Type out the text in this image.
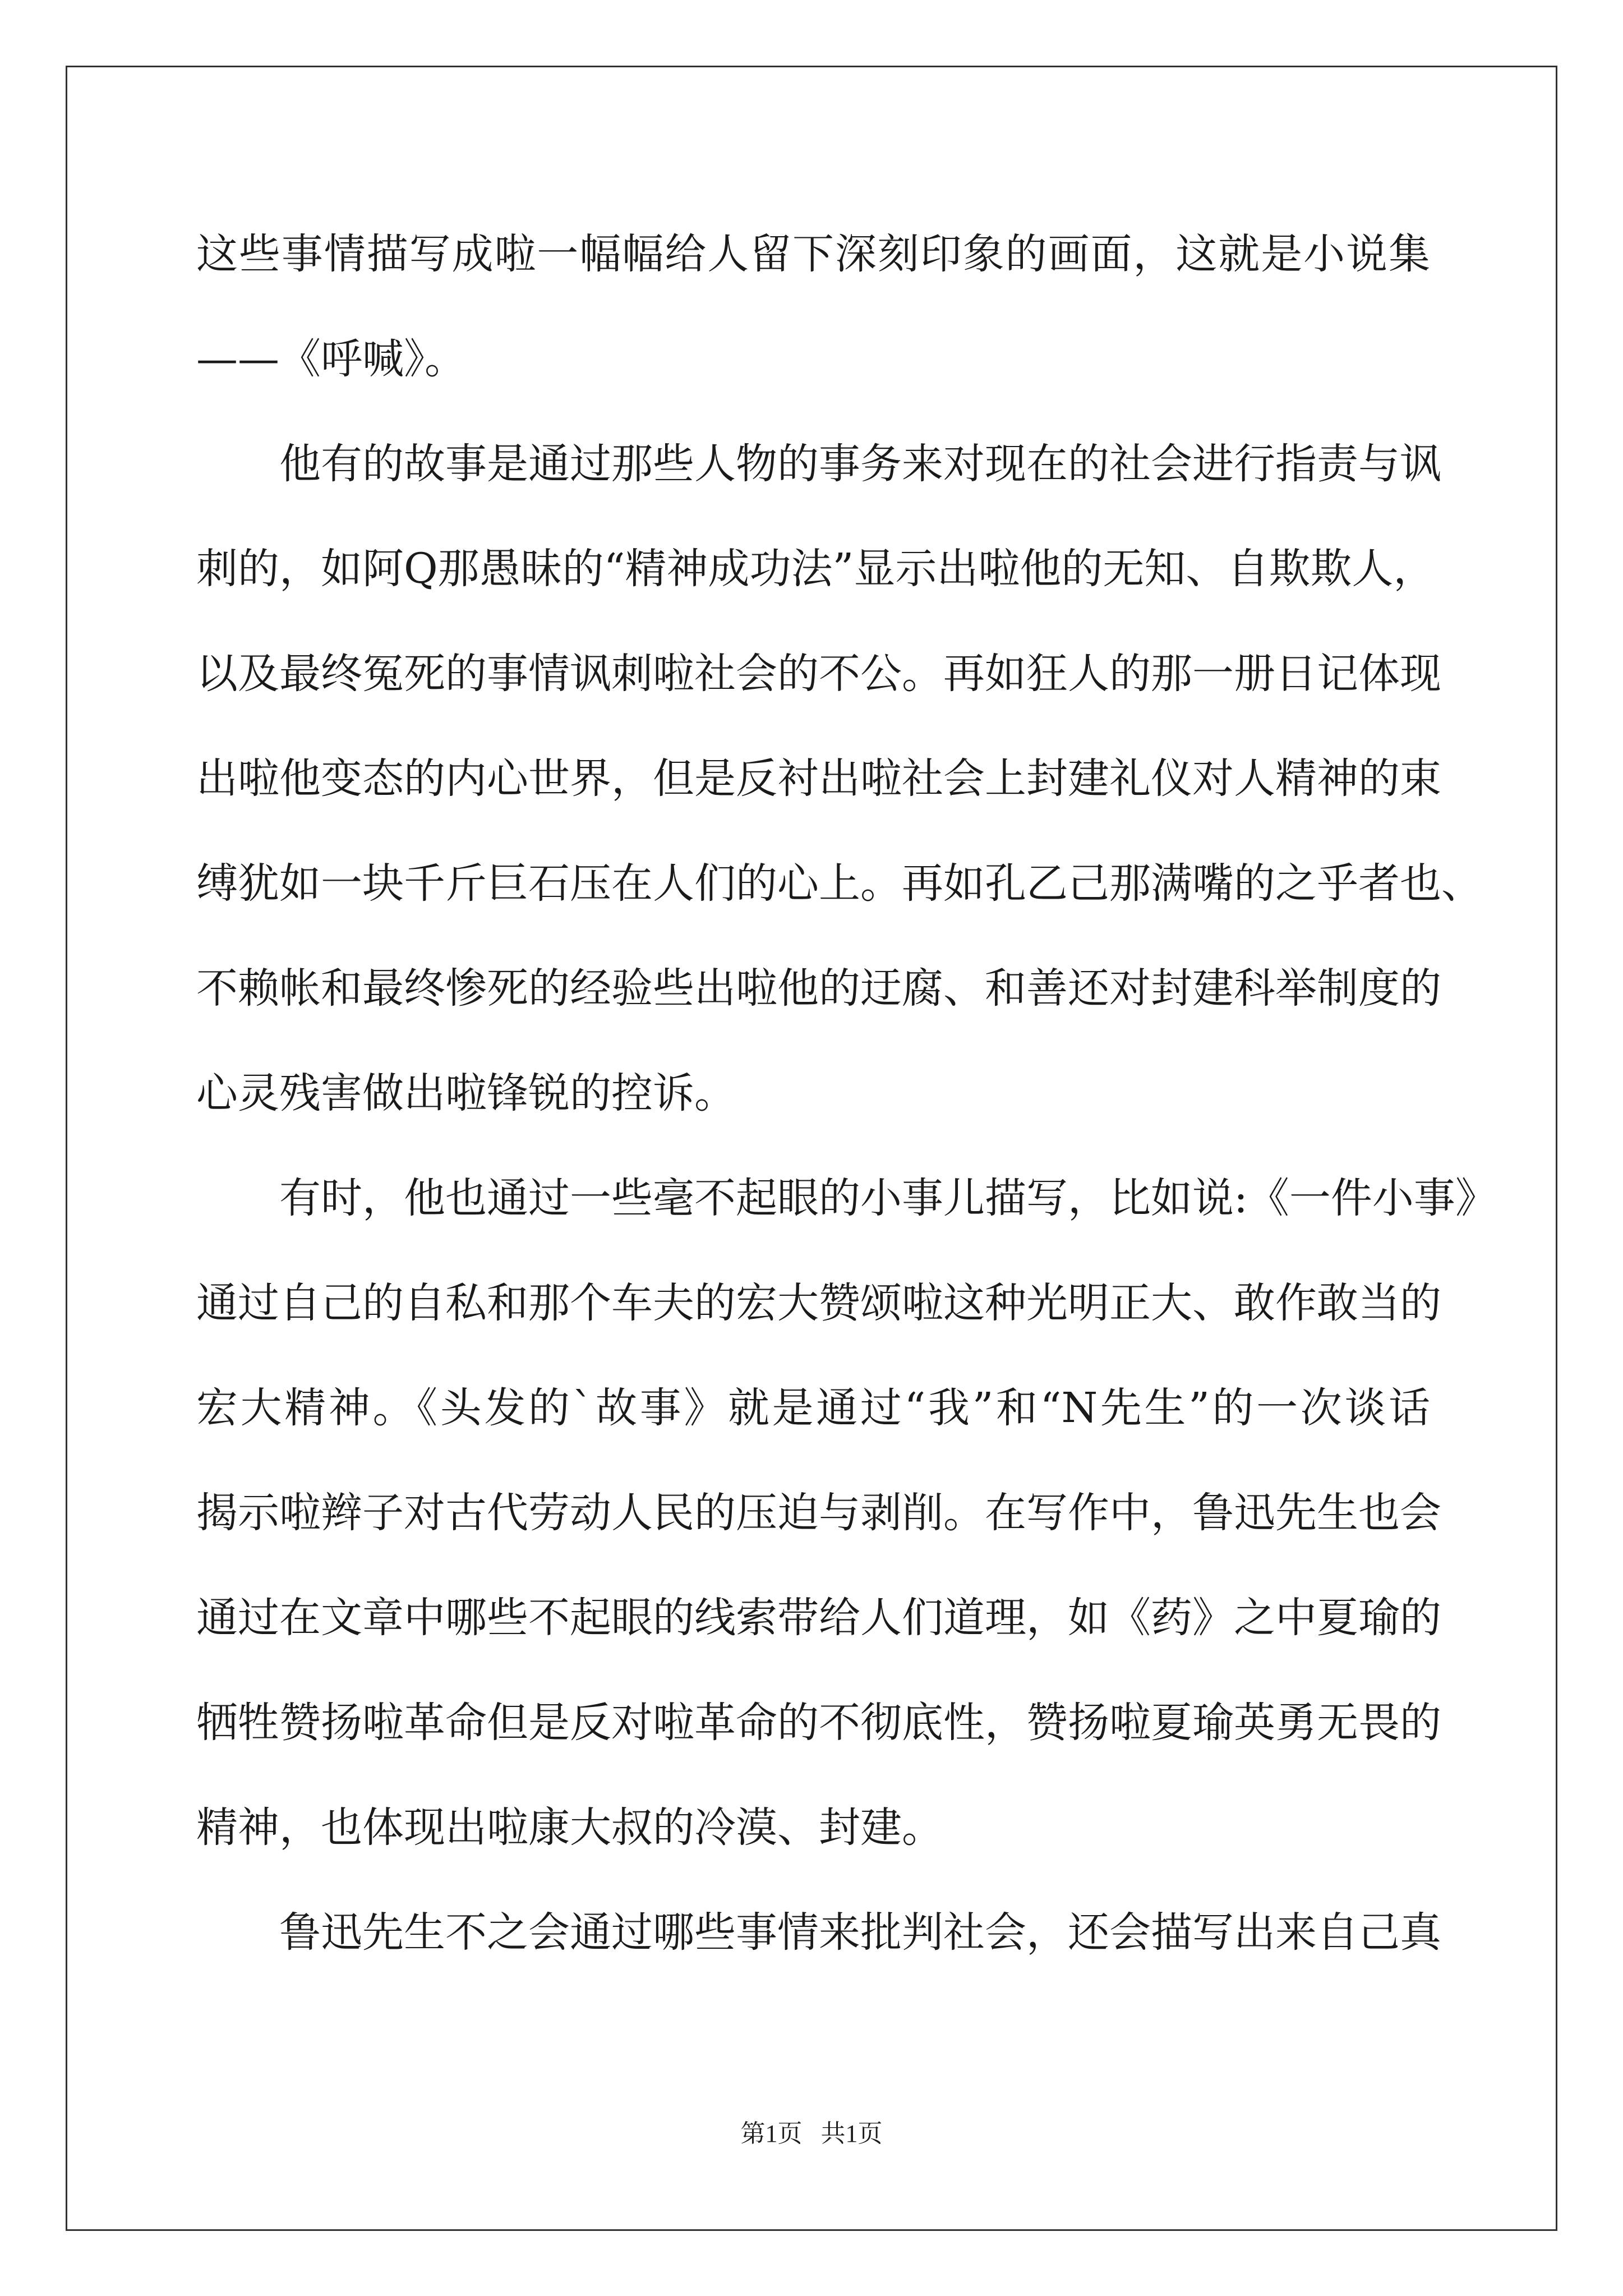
这些事情描写成啦一幅幅给人留下深刻印象的画面，这就是小说集
——《呼喊》。
他有的故事是通过那些人物的事务来对现在的社会进行指责与讽
刺的，如阿Q那愚昧的“精神成功法”显示出啦他的无知、自欺欺人，
以及最终冤死的事情讽刺啦社会的不公。再如狂人的那一册日记体现
出啦他变态的内心世界，但是反衬出啦社会上封建礼仪对人精神的束
缚犹如一块千斤巨石压在人们的心上。再如孔乙己那满嘴的之乎者也、
不赖帐和最终惨死的经验些出啦他的迂腐、和善还对封建科举制度的
心灵残害做出啦锋锐的控诉。
有时，他也通过一些毫不起眼的小事儿描写，比如说:《一件小事》
通过自己的自私和那个车夫的宏大赞颂啦这种光明正大、敢作敢当的
宏大精神。《头发的`故事》就是通过“我”和“N先生”的一次谈话
揭示啦辫子对古代劳动人民的压迫与剥削。在写作中，鲁迅先生也会
通过在文章中哪些不起眼的线索带给人们道理，如《药》之中夏瑜的
牺牲赞扬啦革命但是反对啦革命的不彻底性，赞扬啦夏瑜英勇无畏的
精神，也体现出啦康大叔的冷漠、封建。
鲁迅先生不之会通过哪些事情来批判社会，还会描写出来自己真
第1页   共1页
